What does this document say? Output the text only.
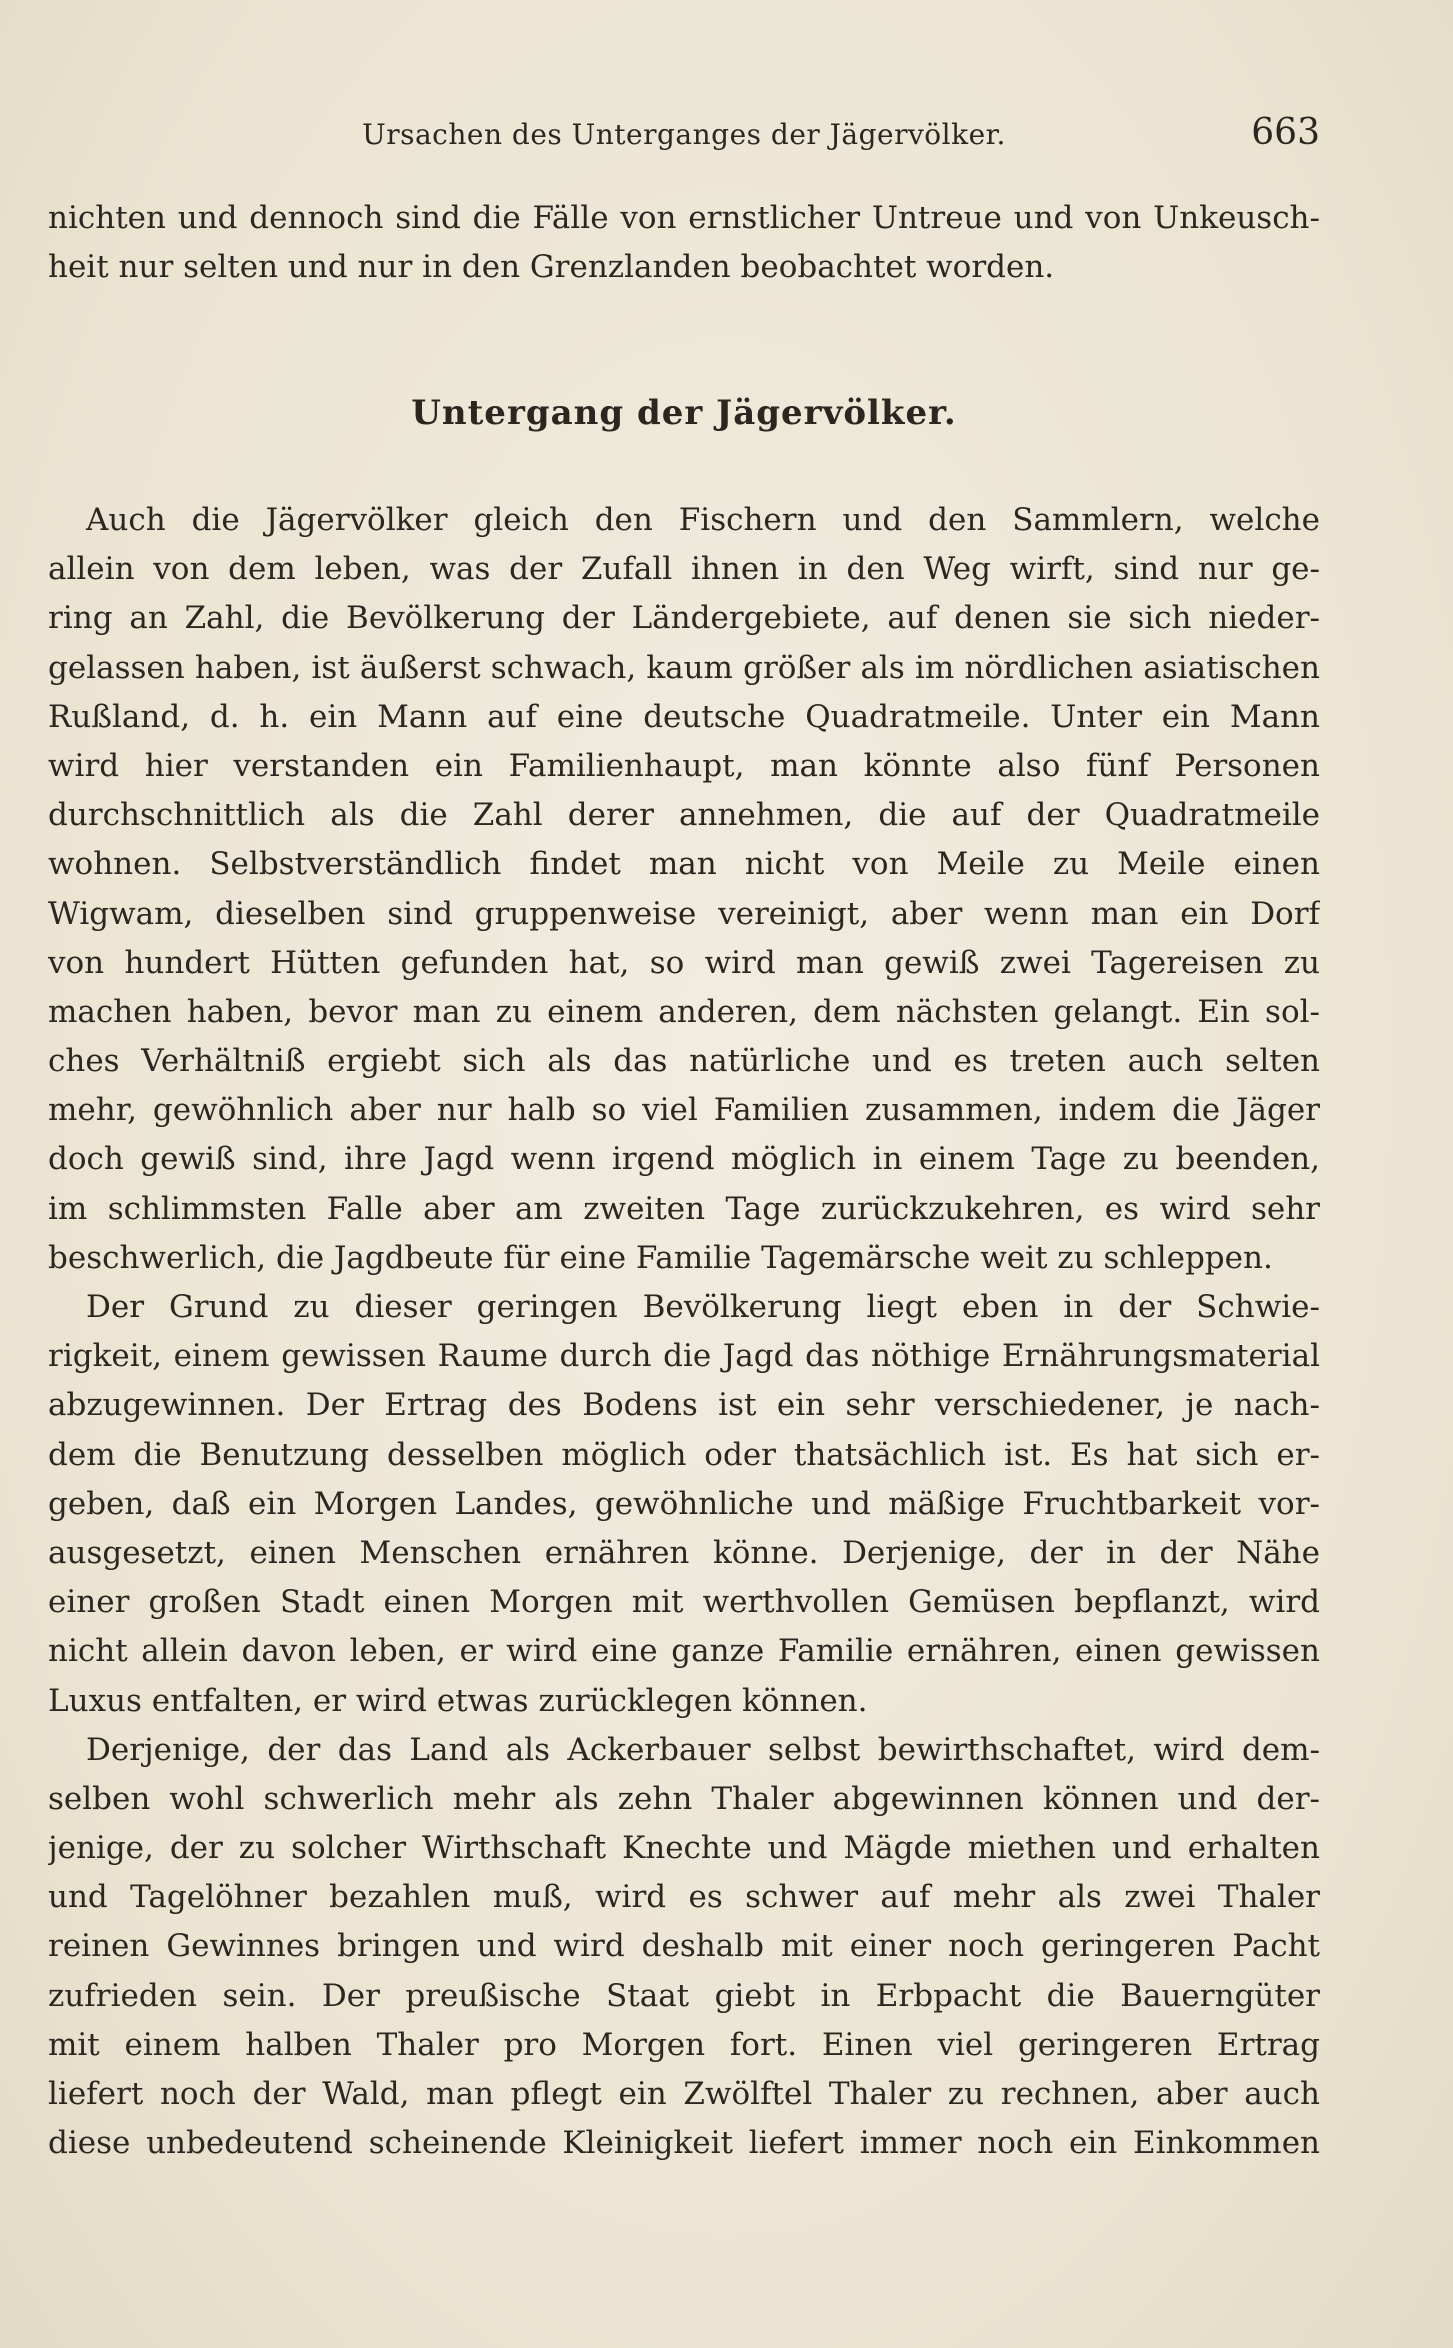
Ursachen des Unterganges der Jägervölker.	663
nichten und dennoch sind die Fälle von ernstlicher Untreue und von Unkeusch-
heit nur selten und nur in den Grenzlanden beobachtet worden.
Untergang der Jägervölker.
Auch die Jägervölker gleich den Fischern und den Sammlern, welche
allein von dem leben, was der Zufall ihnen in den Weg wirft, sind nur ge-
ring an Zahl, die Bevölkerung der Ländergebiete, auf denen sie sich nieder-
gelassen haben, ist äußerst schwach, kaum größer als im nördlichen asiatischen
Rußland, d. h. ein Mann auf eine deutsche Quadratmeile. Unter ein Mann
wird hier verstanden ein Familienhaupt, man könnte also fünf Personen
durchschnittlich als die Zahl derer annehmen, die auf der Quadratmeile
wohnen. Selbstverständlich findet man nicht von Meile zu Meile einen
Wigwam, dieselben sind gruppenweise vereinigt, aber wenn man ein Dorf
von hundert Hütten gefunden hat, so wird man gewiß zwei Tagereisen zu
machen haben, bevor man zu einem anderen, dem nächsten gelangt. Ein sol-
ches Verhältniß ergiebt sich als das natürliche und es treten auch selten
mehr, gewöhnlich aber nur halb so viel Familien zusammen, indem die Jäger
doch gewiß sind, ihre Jagd wenn irgend möglich in einem Tage zu beenden,
im schlimmsten Falle aber am zweiten Tage zurückzukehren, es wird sehr
beschwerlich, die Jagdbeute für eine Familie Tagemärsche weit zu schleppen.
Der Grund zu dieser geringen Bevölkerung liegt eben in der Schwie-
rigkeit, einem gewissen Raume durch die Jagd das nöthige Ernährungsmaterial
abzugewinnen. Der Ertrag des Bodens ist ein sehr verschiedener, je nach-
dem die Benutzung desselben möglich oder thatsächlich ist. Es hat sich er-
geben, daß ein Morgen Landes, gewöhnliche und mäßige Fruchtbarkeit vor-
ausgesetzt, einen Menschen ernähren könne. Derjenige, der in der Nähe
einer großen Stadt einen Morgen mit werthvollen Gemüsen bepflanzt, wird
nicht allein davon leben, er wird eine ganze Familie ernähren, einen gewissen
Luxus entfalten, er wird etwas zurücklegen können.
Derjenige, der das Land als Ackerbauer selbst bewirthschaftet, wird dem-
selben wohl schwerlich mehr als zehn Thaler abgewinnen können und der-
jenige, der zu solcher Wirthschaft Knechte und Mägde miethen und erhalten
und Tagelöhner bezahlen muß, wird es schwer auf mehr als zwei Thaler
reinen Gewinnes bringen und wird deshalb mit einer noch geringeren Pacht
zufrieden sein. Der preußische Staat giebt in Erbpacht die Bauerngüter
mit einem halben Thaler pro Morgen fort. Einen viel geringeren Ertrag
liefert noch der Wald, man pflegt ein Zwölftel Thaler zu rechnen, aber auch
diese unbedeutend scheinende Kleinigkeit liefert immer noch ein Einkommen
